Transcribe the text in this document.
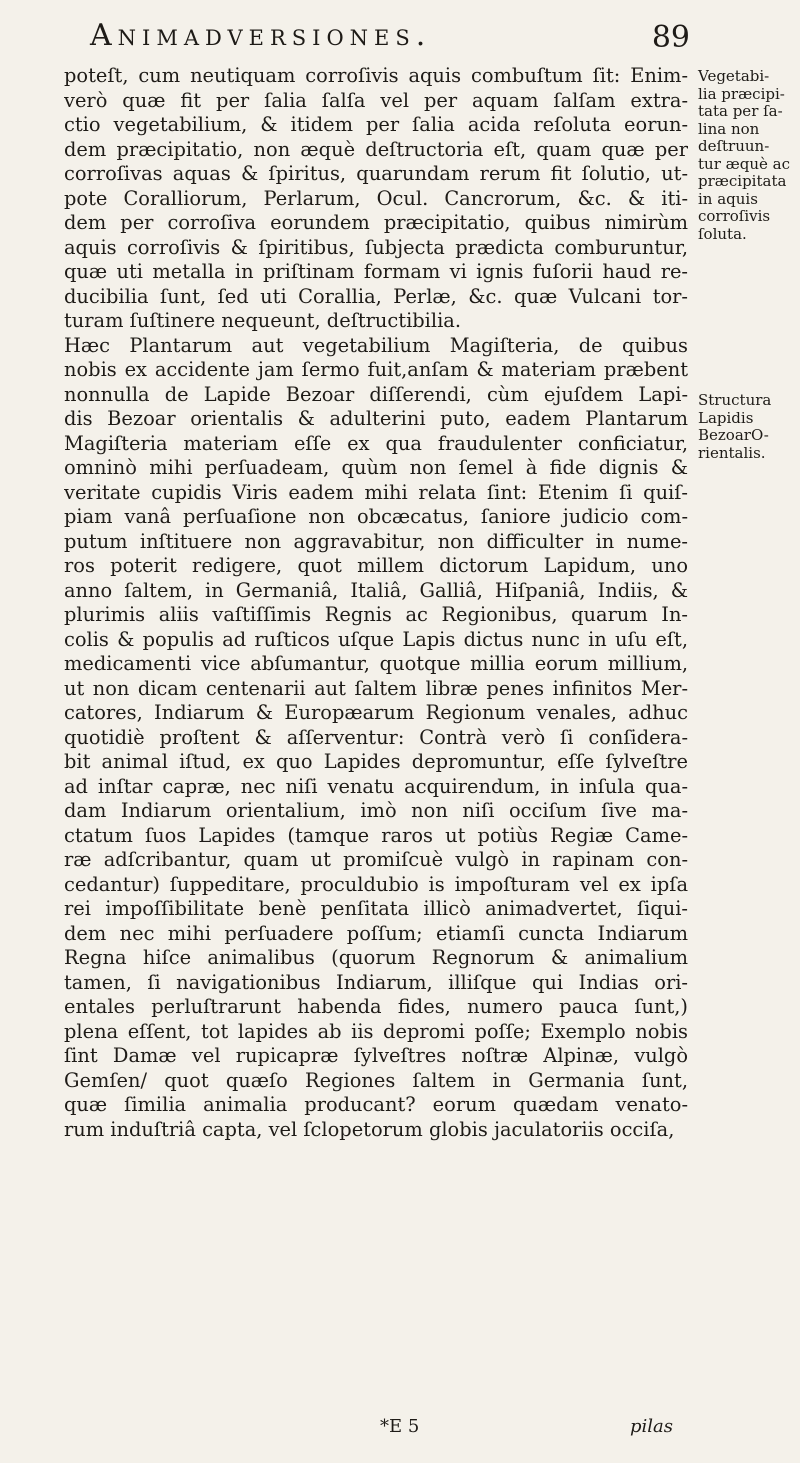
Animadversiones.	89
poteſt, cum neutiquam corroſivis aquis combuſtum ſit: Enim-
verò quæ fit per ſalia ſalſa vel per aquam ſalſam extra-
ctio vegetabilium, & itidem per ſalia acida reſoluta eorun-
dem præcipitatio, non æquè deſtructoria eſt, quam quæ per
corroſivas aquas & ſpiritus, quarundam rerum fit ſolutio, ut-
pote Coralliorum, Perlarum, Ocul. Cancrorum, &c. & iti-
dem per corroſiva eorundem præcipitatio, quibus nimirùm
aquis corroſivis & ſpiritibus, ſubjecta prædicta comburuntur,
quæ uti metalla in priſtinam formam vi ignis fuſorii haud re-
ducibilia ſunt, ſed uti Corallia, Perlæ, &c. quæ Vulcani tor-
turam ſuſtinere nequeunt, deſtructibilia.
Hæc Plantarum aut vegetabilium Magiſteria, de quibus
nobis ex accidente jam ſermo fuit,anſam & materiam præbent
nonnulla de Lapide Bezoar diſſerendi, cùm ejuſdem Lapi-
dis Bezoar orientalis & adulterini puto, eadem Plantarum
Magiſteria materiam eſſe ex qua fraudulenter conficiatur,
omninò mihi perſuadeam, quùm non ſemel à fide dignis &
veritate cupidis Viris eadem mihi relata ſint: Etenim ſi quiſ-
piam vanâ perſuaſione non obcæcatus, ſaniore judicio com-
putum inſtituere non aggravabitur, non difficulter in nume-
ros poterit redigere, quot millem dictorum Lapidum, uno
anno ſaltem, in Germaniâ, Italiâ, Galliâ, Hiſpaniâ, Indiis, &
plurimis aliis vaſtiſſimis Regnis ac Regionibus, quarum In-
colis & populis ad ruſticos uſque Lapis dictus nunc in uſu eſt,
medicamenti vice abſumantur, quotque millia eorum millium,
ut non dicam centenarii aut ſaltem libræ penes infinitos Mer-
catores, Indiarum & Europæarum Regionum venales, adhuc
quotidiè proſtent & aſſerventur: Contrà verò ſi conſidera-
bit animal iſtud, ex quo Lapides depromuntur, eſſe ſylveſtre
ad inſtar capræ, nec niſi venatu acquirendum, in inſula qua-
dam Indiarum orientalium, imò non niſi occiſum ſive ma-
ctatum ſuos Lapides (tamque raros ut potiùs Regiæ Came-
ræ adſcribantur, quam ut promiſcuè vulgò in rapinam con-
cedantur) ſuppeditare, proculdubio is impoſturam vel ex ipſa
rei impoſſibilitate benè penſitata illicò animadvertet, ſiqui-
dem nec mihi perſuadere poſſum; etiamſi cuncta Indiarum
Regna hiſce animalibus (quorum Regnorum & animalium
tamen, ſi navigationibus Indiarum, illiſque qui Indias ori-
entales perluſtrarunt habenda fides, numero pauca ſunt,)
plena eſſent, tot lapides ab iis depromi poſſe; Exemplo nobis
ſint Damæ vel rupicapræ ſylveſtres noſtræ Alpinæ, vulgò
Gemſen/ quot quæſo Regiones ſaltem in Germania ſunt,
quæ ſimilia animalia producant? eorum quædam venato-
rum induſtriâ capta, vel ſclopetorum globis jaculatoriis occiſa,
Vegetabi-
lia præcipi-
tata per ſa-
lina non
deſtruun-
tur æquè ac
præcipitata
in aquis
corroſivis
ſoluta.
Structura
Lapidis
BezoarO-
rientalis.
*E 5	pilas
